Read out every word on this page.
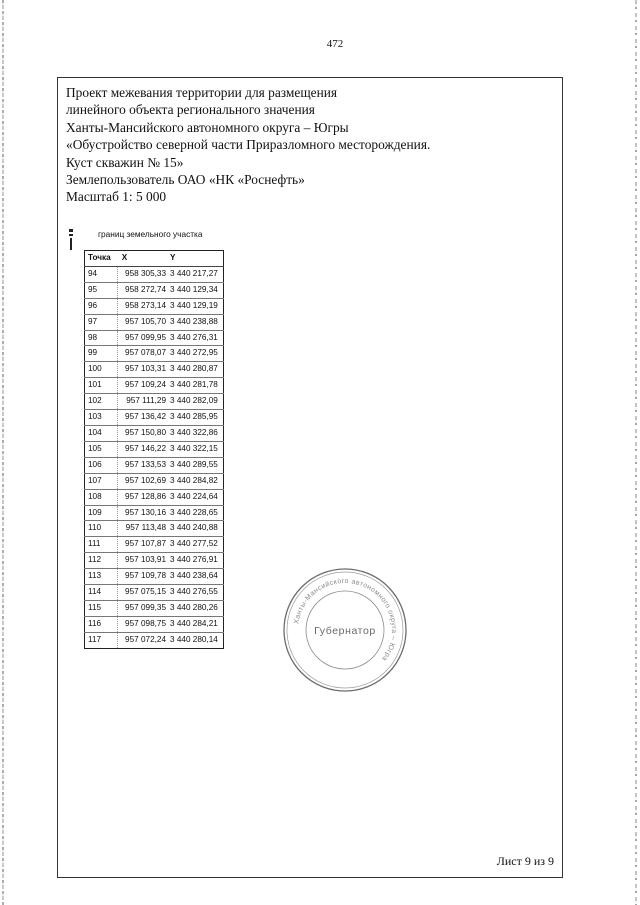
472
Проект межевания территории для размещения
линейного объекта регионального значения
Ханты-Мансийского автономного округа – Югры
«Обустройство северной части Приразломного месторождения.
Куст скважин № 15»
Землепользователь ОАО «НК «Роснефть»
Масштаб 1: 5 000
границ земельного участка
Точка	X	Y
94	958 305,33	3 440 217,27
95	958 272,74	3 440 129,34
96	958 273,14	3 440 129,19
97	957 105,70	3 440 238,88
98	957 099,95	3 440 276,31
99	957 078,07	3 440 272,95
100	957 103,31	3 440 280,87
101	957 109,24	3 440 281,78
102	957 111,29	3 440 282,09
103	957 136,42	3 440 285,95
104	957 150,80	3 440 322,86
105	957 146,22	3 440 322,15
106	957 133,53	3 440 289,55
107	957 102,69	3 440 284,82
108	957 128,86	3 440 224,64
109	957 130,16	3 440 228,65
110	957 113,48	3 440 240,88
111	957 107,87	3 440 277,52
112	957 103,91	3 440 276,91
113	957 109,78	3 440 238,64
114	957 075,15	3 440 276,55
115	957 099,35	3 440 280,26
116	957 098,75	3 440 284,21
117	957 072,24	3 440 280,14
Ханты-Мансийского автономного округа – Югра
Губернатор
Лист 9 из 9
